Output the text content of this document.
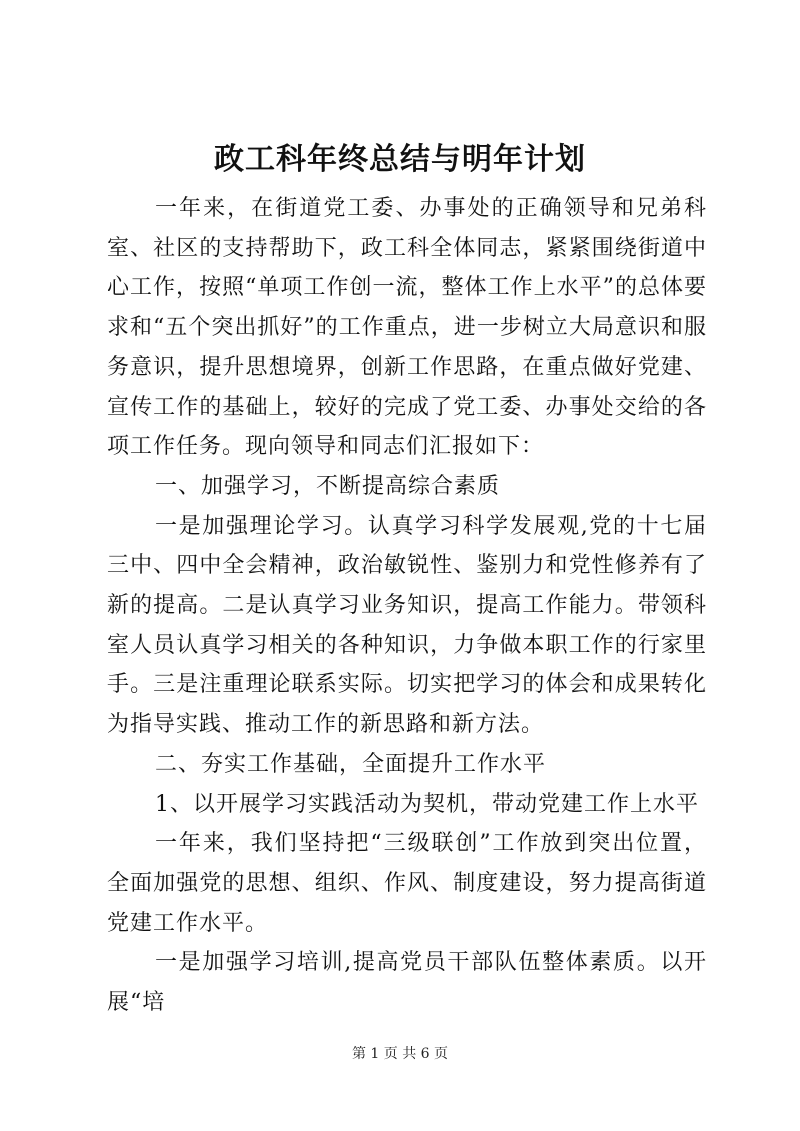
政工科年终总结与明年计划

一年来，在街道党工委、办事处的正确领导和兄弟科室、社区的支持帮助下，政工科全体同志，紧紧围绕街道中心工作，按照“单项工作创一流，整体工作上水平”的总体要求和“五个突出抓好”的工作重点，进一步树立大局意识和服务意识，提升思想境界，创新工作思路，在重点做好党建、宣传工作的基础上，较好的完成了党工委、办事处交给的各项工作任务。现向领导和同志们汇报如下：

一、加强学习，不断提高综合素质

一是加强理论学习。认真学习科学发展观,党的十七届三中、四中全会精神，政治敏锐性、鉴别力和党性修养有了新的提高。二是认真学习业务知识，提高工作能力。带领科室人员认真学习相关的各种知识，力争做本职工作的行家里手。三是注重理论联系实际。切实把学习的体会和成果转化为指导实践、推动工作的新思路和新方法。

二、夯实工作基础，全面提升工作水平

1、以开展学习实践活动为契机，带动党建工作上水平

一年来，我们坚持把“三级联创”工作放到突出位置，全面加强党的思想、组织、作风、制度建设，努力提高街道党建工作水平。

一是加强学习培训,提高党员干部队伍整体素质。以开展“培

第 1 页 共 6 页
